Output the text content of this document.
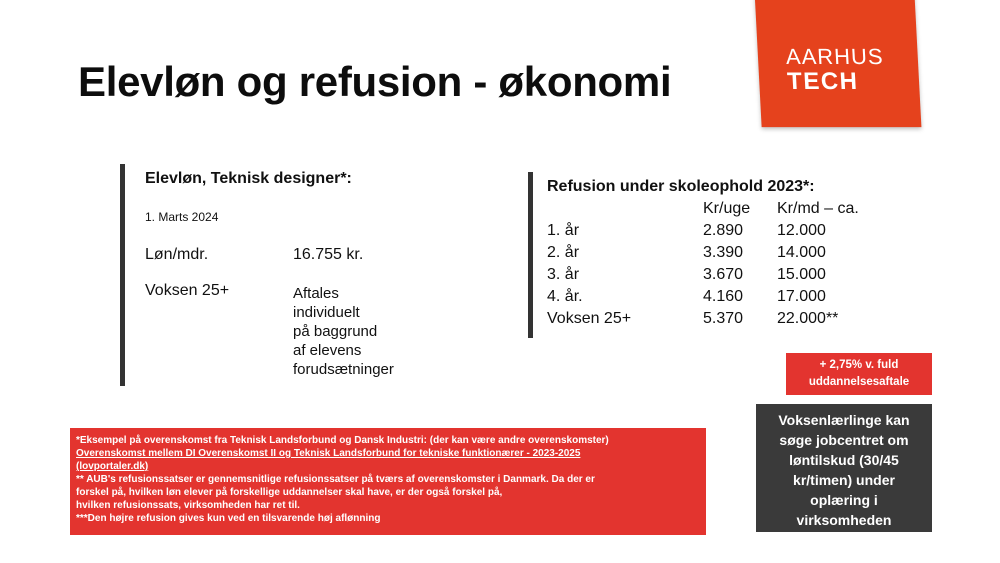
Elevløn og refusion - økonomi
AARHUS
TECH
Elevløn, Teknisk designer*:
1. Marts 2024
Løn/mdr.	16.755 kr.
Voksen 25+	Aftales
individuelt
på baggrund
af elevens
forudsætninger
Refusion under skoleophold 2023*:
Kr/uge Kr/md – ca.
1. år	2.890 12.000
2. år	3.390 14.000
3. år	3.670 15.000
4. år.	4.160 17.000
Voksen 25+	5.370 22.000**
+ 2,75% v. fuld
uddannelsesaftale
Voksenlærlinge kan
søge jobcentret om
løntilskud (30/45
kr/timen) under
oplæring i
virksomheden
*Eksempel på overenskomst fra Teknisk Landsforbund og Dansk Industri: (der kan være andre overenskomster)
Overenskomst mellem DI Overenskomst II og Teknisk Landsforbund for tekniske funktionærer - 2023-2025
(lovportaler.dk)
** AUB's refusionssatser er gennemsnitlige refusionssatser på tværs af overenskomster i Danmark. Da der er
forskel på, hvilken løn elever på forskellige uddannelser skal have, er der også forskel på,
hvilken refusionssats, virksomheden har ret til.
***Den højre refusion gives kun ved en tilsvarende høj aflønning
